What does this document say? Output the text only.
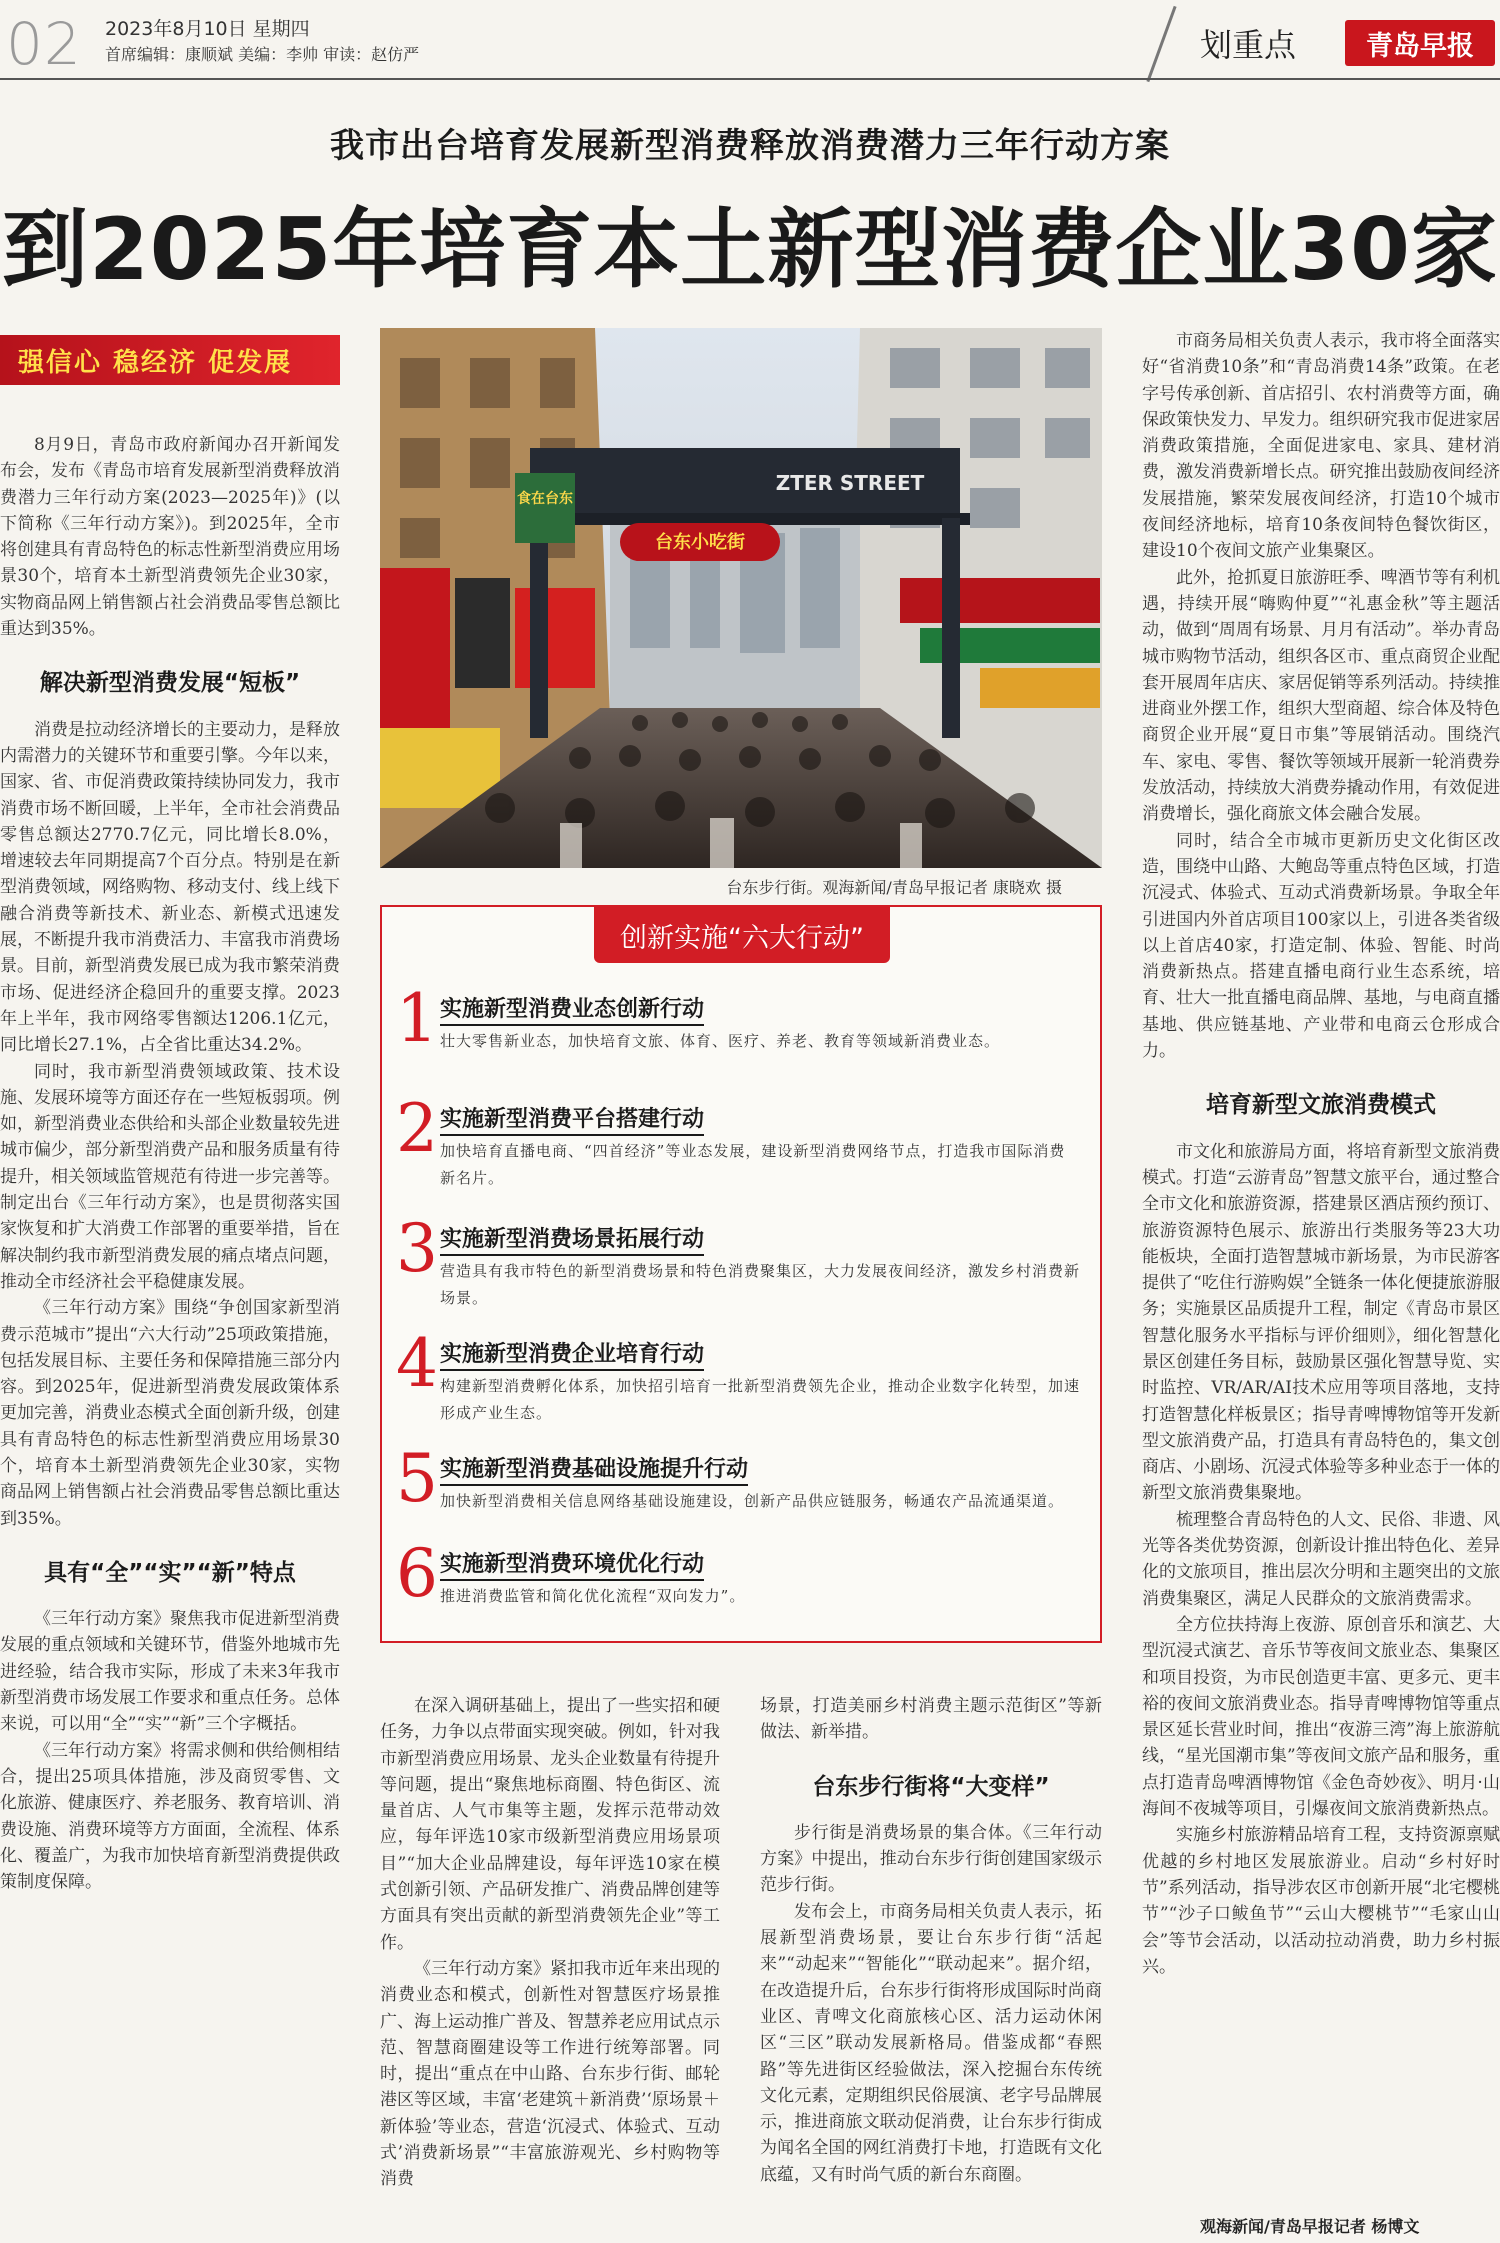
02 2023年8月10日 星期四
首席编辑：康顺斌 美编：李帅 审读：赵仿严	划重点	青岛早报
我市出台培育发展新型消费释放消费潜力三年行动方案
到2025年培育本土新型消费企业30家
强信心 稳经济 促发展

8月9日，青岛市政府新闻办召开新闻发布会，发布《青岛市培育发展新型消费释放消费潜力三年行动方案(2023—2025年)》(以下简称《三年行动方案》)。到2025年，全市将创建具有青岛特色的标志性新型消费应用场景30个，培育本土新型消费领先企业30家，实物商品网上销售额占社会消费品零售总额比重达到35%。

解决新型消费发展“短板”

消费是拉动经济增长的主要动力，是释放内需潜力的关键环节和重要引擎。今年以来，国家、省、市促消费政策持续协同发力，我市消费市场不断回暖，上半年，全市社会消费品零售总额达2770.7亿元，同比增长8.0%，增速较去年同期提高7个百分点。特别是在新型消费领域，网络购物、移动支付、线上线下融合消费等新技术、新业态、新模式迅速发展，不断提升我市消费活力、丰富我市消费场景。目前，新型消费发展已成为我市繁荣消费市场、促进经济企稳回升的重要支撑。2023年上半年，我市网络零售额达1206.1亿元，同比增长27.1%，占全省比重达34.2%。

同时，我市新型消费领域政策、技术设施、发展环境等方面还存在一些短板弱项。例如，新型消费业态供给和头部企业数量较先进城市偏少，部分新型消费产品和服务质量有待提升，相关领域监管规范有待进一步完善等。制定出台《三年行动方案》，也是贯彻落实国家恢复和扩大消费工作部署的重要举措，旨在解决制约我市新型消费发展的痛点堵点问题，推动全市经济社会平稳健康发展。

《三年行动方案》围绕“争创国家新型消费示范城市”提出“六大行动”25项政策措施，包括发展目标、主要任务和保障措施三部分内容。到2025年，促进新型消费发展政策体系更加完善，消费业态模式全面创新升级，创建具有青岛特色的标志性新型消费应用场景30个，培育本土新型消费领先企业30家，实物商品网上销售额占社会消费品零售总额比重达到35%。

具有“全”“实”“新”特点

《三年行动方案》聚焦我市促进新型消费发展的重点领域和关键环节，借鉴外地城市先进经验，结合我市实际，形成了未来3年我市新型消费市场发展工作要求和重点任务。总体来说，可以用“全”“实”“新”三个字概括。

《三年行动方案》将需求侧和供给侧相结合，提出25项具体措施，涉及商贸零售、文化旅游、健康医疗、养老服务、教育培训、消费设施、消费环境等方方面面，全流程、体系化、覆盖广，为我市加快培育新型消费提供政策制度保障。

食在台东
ZTER STREET
台东小吃街
台东步行街。观海新闻/青岛早报记者 康晓欢 摄
创新实施“六大行动”
1 实施新型消费业态创新行动
壮大零售新业态，加快培育文旅、体育、医疗、养老、教育等领域新消费业态。
2 实施新型消费平台搭建行动
加快培育直播电商、“四首经济”等业态发展，建设新型消费网络节点，打造我市国际消费新名片。
3 实施新型消费场景拓展行动
营造具有我市特色的新型消费场景和特色消费聚集区，大力发展夜间经济，激发乡村消费新场景。
4 实施新型消费企业培育行动
构建新型消费孵化体系，加快招引培育一批新型消费领先企业，推动企业数字化转型，加速形成产业生态。
5 实施新型消费基础设施提升行动
加快新型消费相关信息网络基础设施建设，创新产品供应链服务，畅通农产品流通渠道。
6 实施新型消费环境优化行动
推进消费监管和简化优化流程“双向发力”。

在深入调研基础上，提出了一些实招和硬任务，力争以点带面实现突破。例如，针对我市新型消费应用场景、龙头企业数量有待提升等问题，提出“聚焦地标商圈、特色街区、流量首店、人气市集等主题，发挥示范带动效应，每年评选10家市级新型消费应用场景项目”“加大企业品牌建设，每年评选10家在模式创新引领、产品研发推广、消费品牌创建等方面具有突出贡献的新型消费领先企业”等工作。

《三年行动方案》紧扣我市近年来出现的消费业态和模式，创新性对智慧医疗场景推广、海上运动推广普及、智慧养老应用试点示范、智慧商圈建设等工作进行统筹部署。同时，提出“重点在中山路、台东步行街、邮轮港区等区域，丰富‘老建筑＋新消费’‘原场景＋新体验’等业态，营造‘沉浸式、体验式、互动式’消费新场景”“丰富旅游观光、乡村购物等消费

场景，打造美丽乡村消费主题示范街区”等新做法、新举措。

台东步行街将“大变样”

步行街是消费场景的集合体。《三年行动方案》中提出，推动台东步行街创建国家级示范步行街。

发布会上，市商务局相关负责人表示，拓展新型消费场景，要让台东步行街“活起来”“动起来”“智能化”“联动起来”。据介绍，在改造提升后，台东步行街将形成国际时尚商业区、青啤文化商旅核心区、活力运动休闲区“三区”联动发展新格局。借鉴成都“春熙路”等先进街区经验做法，深入挖掘台东传统文化元素，定期组织民俗展演、老字号品牌展示，推进商旅文联动促消费，让台东步行街成为闻名全国的网红消费打卡地，打造既有文化底蕴，又有时尚气质的新台东商圈。

市商务局相关负责人表示，我市将全面落实好“省消费10条”和“青岛消费14条”政策。在老字号传承创新、首店招引、农村消费等方面，确保政策快发力、早发力。组织研究我市促进家居消费政策措施，全面促进家电、家具、建材消费，激发消费新增长点。研究推出鼓励夜间经济发展措施，繁荣发展夜间经济，打造10个城市夜间经济地标，培育10条夜间特色餐饮街区，建设10个夜间文旅产业集聚区。

此外，抢抓夏日旅游旺季、啤酒节等有利机遇，持续开展“嗨购仲夏”“礼惠金秋”等主题活动，做到“周周有场景、月月有活动”。举办青岛城市购物节活动，组织各区市、重点商贸企业配套开展周年店庆、家居促销等系列活动。持续推进商业外摆工作，组织大型商超、综合体及特色商贸企业开展“夏日市集”等展销活动。围绕汽车、家电、零售、餐饮等领域开展新一轮消费券发放活动，持续放大消费券撬动作用，有效促进消费增长，强化商旅文体会融合发展。

同时，结合全市城市更新历史文化街区改造，围绕中山路、大鲍岛等重点特色区域，打造沉浸式、体验式、互动式消费新场景。争取全年引进国内外首店项目100家以上，引进各类省级以上首店40家，打造定制、体验、智能、时尚消费新热点。搭建直播电商行业生态系统，培育、壮大一批直播电商品牌、基地，与电商直播基地、供应链基地、产业带和电商云仓形成合力。

培育新型文旅消费模式

市文化和旅游局方面，将培育新型文旅消费模式。打造“云游青岛”智慧文旅平台，通过整合全市文化和旅游资源，搭建景区酒店预约预订、旅游资源特色展示、旅游出行类服务等23大功能板块，全面打造智慧城市新场景，为市民游客提供了“吃住行游购娱”全链条一体化便捷旅游服务；实施景区品质提升工程，制定《青岛市景区智慧化服务水平指标与评价细则》，细化智慧化景区创建任务目标，鼓励景区强化智慧导览、实时监控、VR/AR/AI技术应用等项目落地，支持打造智慧化样板景区；指导青啤博物馆等开发新型文旅消费产品，打造具有青岛特色的，集文创商店、小剧场、沉浸式体验等多种业态于一体的新型文旅消费集聚地。

梳理整合青岛特色的人文、民俗、非遗、风光等各类优势资源，创新设计推出特色化、差异化的文旅项目，推出层次分明和主题突出的文旅消费集聚区，满足人民群众的文旅消费需求。

全方位扶持海上夜游、原创音乐和演艺、大型沉浸式演艺、音乐节等夜间文旅业态、集聚区和项目投资，为市民创造更丰富、更多元、更丰裕的夜间文旅消费业态。指导青啤博物馆等重点景区延长营业时间，推出“夜游三湾”海上旅游航线，“星光国潮市集”等夜间文旅产品和服务，重点打造青岛啤酒博物馆《金色奇妙夜》、明月·山海间不夜城等项目，引爆夜间文旅消费新热点。

实施乡村旅游精品培育工程，支持资源禀赋优越的乡村地区发展旅游业。启动“乡村好时节”系列活动，指导涉农区市创新开展“北宅樱桃节”“沙子口鲅鱼节”“云山大樱桃节”“毛家山山会”等节会活动，以活动拉动消费，助力乡村振兴。

观海新闻/青岛早报记者 杨博文
